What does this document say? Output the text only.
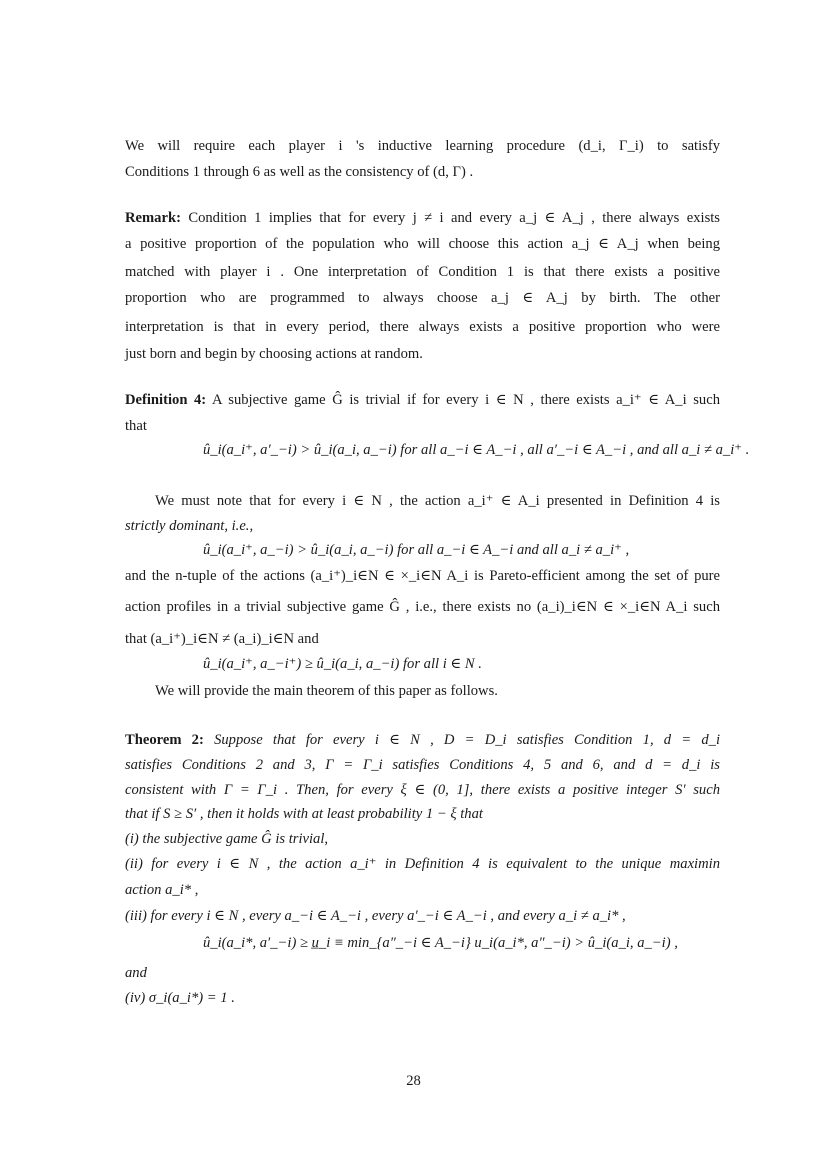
We will require each player i 's inductive learning procedure (d_i, Γ_i) to satisfy
Conditions 1 through 6 as well as the consistency of (d, Γ) .
Remark: Condition 1 implies that for every j ≠ i and every a_j ∈ A_j , there always exists
a positive proportion of the population who will choose this action a_j ∈ A_j when being
matched with player i . One interpretation of Condition 1 is that there exists a positive
proportion who are programmed to always choose a_j ∈ A_j by birth. The other
interpretation is that in every period, there always exists a positive proportion who were
just born and begin by choosing actions at random.
Definition 4: A subjective game Ĝ is trivial if for every i ∈ N , there exists a_i⁺ ∈ A_i such
that
û_i(a_i⁺, a′_−i) > û_i(a_i, a_−i) for all a_−i ∈ A_−i , all a′_−i ∈ A_−i , and all a_i ≠ a_i⁺ .
We must note that for every i ∈ N , the action a_i⁺ ∈ A_i presented in Definition 4 is
strictly dominant, i.e.,
û_i(a_i⁺, a_−i) > û_i(a_i, a_−i) for all a_−i ∈ A_−i and all a_i ≠ a_i⁺ ,
and the n-tuple of the actions (a_i⁺)_i∈N ∈ ×_i∈N A_i is Pareto-efficient among the set of pure
action profiles in a trivial subjective game Ĝ , i.e., there exists no (a_i)_i∈N ∈ ×_i∈N A_i such
that (a_i⁺)_i∈N ≠ (a_i)_i∈N and
û_i(a_i⁺, a_−i⁺) ≥ û_i(a_i, a_−i) for all i ∈ N .
We will provide the main theorem of this paper as follows.
Theorem 2: Suppose that for every i ∈ N , D = D_i satisfies Condition 1, d = d_i
satisfies Conditions 2 and 3, Γ = Γ_i satisfies Conditions 4, 5 and 6, and d = d_i is
consistent with Γ = Γ_i . Then, for every ξ ∈ (0, 1], there exists a positive integer S′ such
that if S ≥ S′ , then it holds with at least probability 1 − ξ that
(i) the subjective game Ĝ is trivial,
(ii) for every i ∈ N , the action a_i⁺ in Definition 4 is equivalent to the unique maximin
action a_i* ,
(iii) for every i ∈ N , every a_−i ∈ A_−i , every a′_−i ∈ A_−i , and every a_i ≠ a_i* ,
û_i(a_i*, a′_−i) ≥ u̲_i ≡ min_{a″_−i ∈ A_−i} u_i(a_i*, a″_−i) > û_i(a_i, a_−i) ,
and
(iv) σ_i(a_i*) = 1 .
28
